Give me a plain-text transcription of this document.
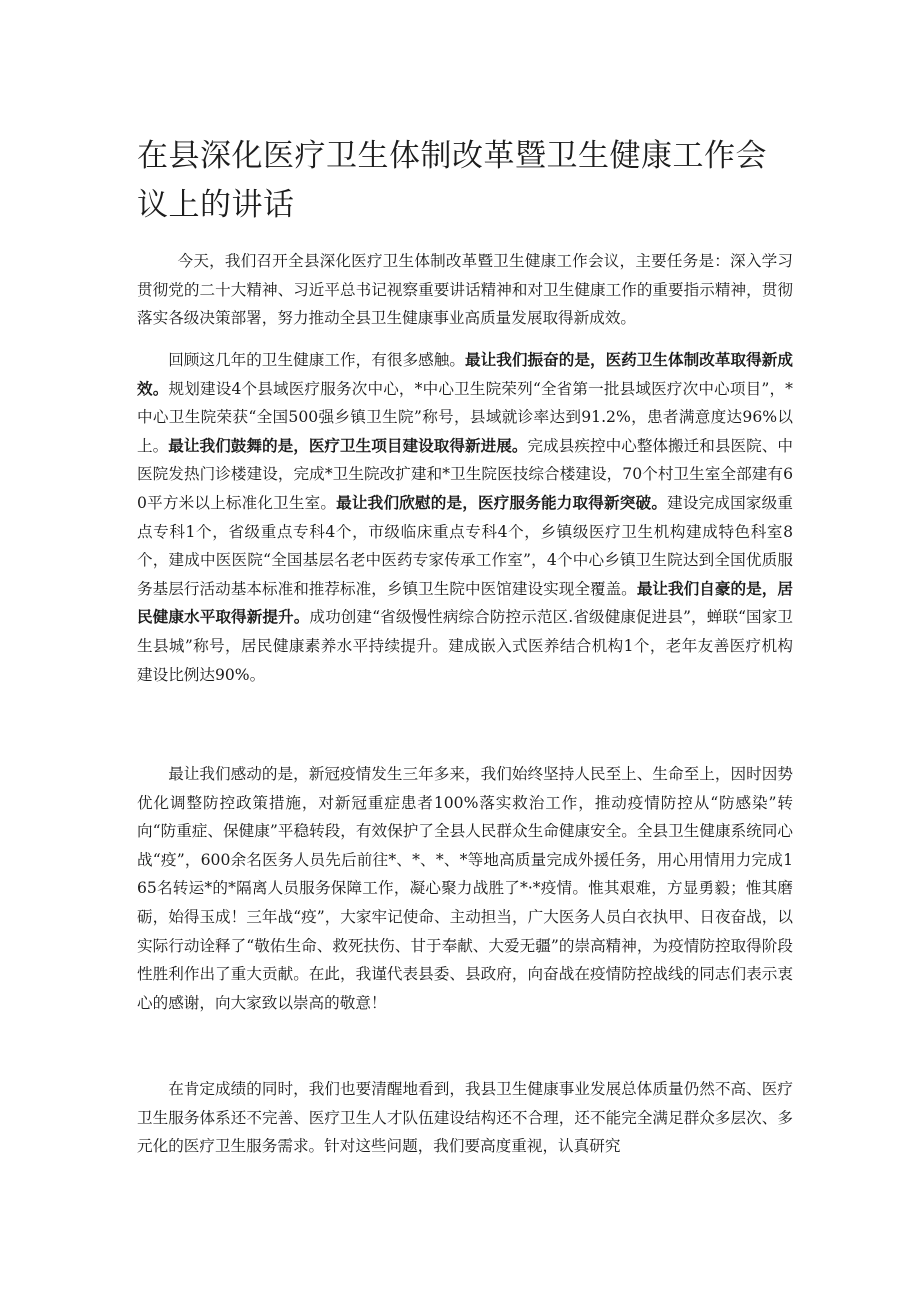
在县深化医疗卫生体制改革暨卫生健康工作会议上的讲话

今天，我们召开全县深化医疗卫生体制改革暨卫生健康工作会议，主要任务是：深入学习贯彻党的二十大精神、习近平总书记视察重要讲话精神和对卫生健康工作的重要指示精神，贯彻落实各级决策部署，努力推动全县卫生健康事业高质量发展取得新成效。

回顾这几年的卫生健康工作，有很多感触。最让我们振奋的是，医药卫生体制改革取得新成效。规划建设4个县域医疗服务次中心，*中心卫生院荣列“全省第一批县域医疗次中心项目”，*中心卫生院荣获“全国500强乡镇卫生院”称号，县域就诊率达到91.2%，患者满意度达96%以上。最让我们鼓舞的是，医疗卫生项目建设取得新进展。完成县疾控中心整体搬迁和县医院、中医院发热门诊楼建设，完成*卫生院改扩建和*卫生院医技综合楼建设，70个村卫生室全部建有60平方米以上标准化卫生室。最让我们欣慰的是，医疗服务能力取得新突破。建设完成国家级重点专科1个，省级重点专科4个，市级临床重点专科4个，乡镇级医疗卫生机构建成特色科室8个，建成中医医院“全国基层名老中医药专家传承工作室”，4个中心乡镇卫生院达到全国优质服务基层行活动基本标准和推荐标准，乡镇卫生院中医馆建设实现全覆盖。最让我们自豪的是，居民健康水平取得新提升。成功创建“省级慢性病综合防控示范区.省级健康促进县”，蝉联“国家卫生县城”称号，居民健康素养水平持续提升。建成嵌入式医养结合机构1个，老年友善医疗机构建设比例达90%。

最让我们感动的是，新冠疫情发生三年多来，我们始终坚持人民至上、生命至上，因时因势优化调整防控政策措施，对新冠重症患者100%落实救治工作，推动疫情防控从“防感染”转向“防重症、保健康”平稳转段，有效保护了全县人民群众生命健康安全。全县卫生健康系统同心战“疫”，600余名医务人员先后前往*、*、*、*等地高质量完成外援任务，用心用情用力完成165名转运*的*隔离人员服务保障工作，凝心聚力战胜了*·*疫情。惟其艰难，方显勇毅；惟其磨砺，始得玉成！三年战“疫”，大家牢记使命、主动担当，广大医务人员白衣执甲、日夜奋战，以实际行动诠释了“敬佑生命、救死扶伤、甘于奉献、大爱无疆”的崇高精神，为疫情防控取得阶段性胜利作出了重大贡献。在此，我谨代表县委、县政府，向奋战在疫情防控战线的同志们表示衷心的感谢，向大家致以崇高的敬意！

在肯定成绩的同时，我们也要清醒地看到，我县卫生健康事业发展总体质量仍然不高、医疗卫生服务体系还不完善、医疗卫生人才队伍建设结构还不合理，还不能完全满足群众多层次、多元化的医疗卫生服务需求。针对这些问题，我们要高度重视，认真研究
